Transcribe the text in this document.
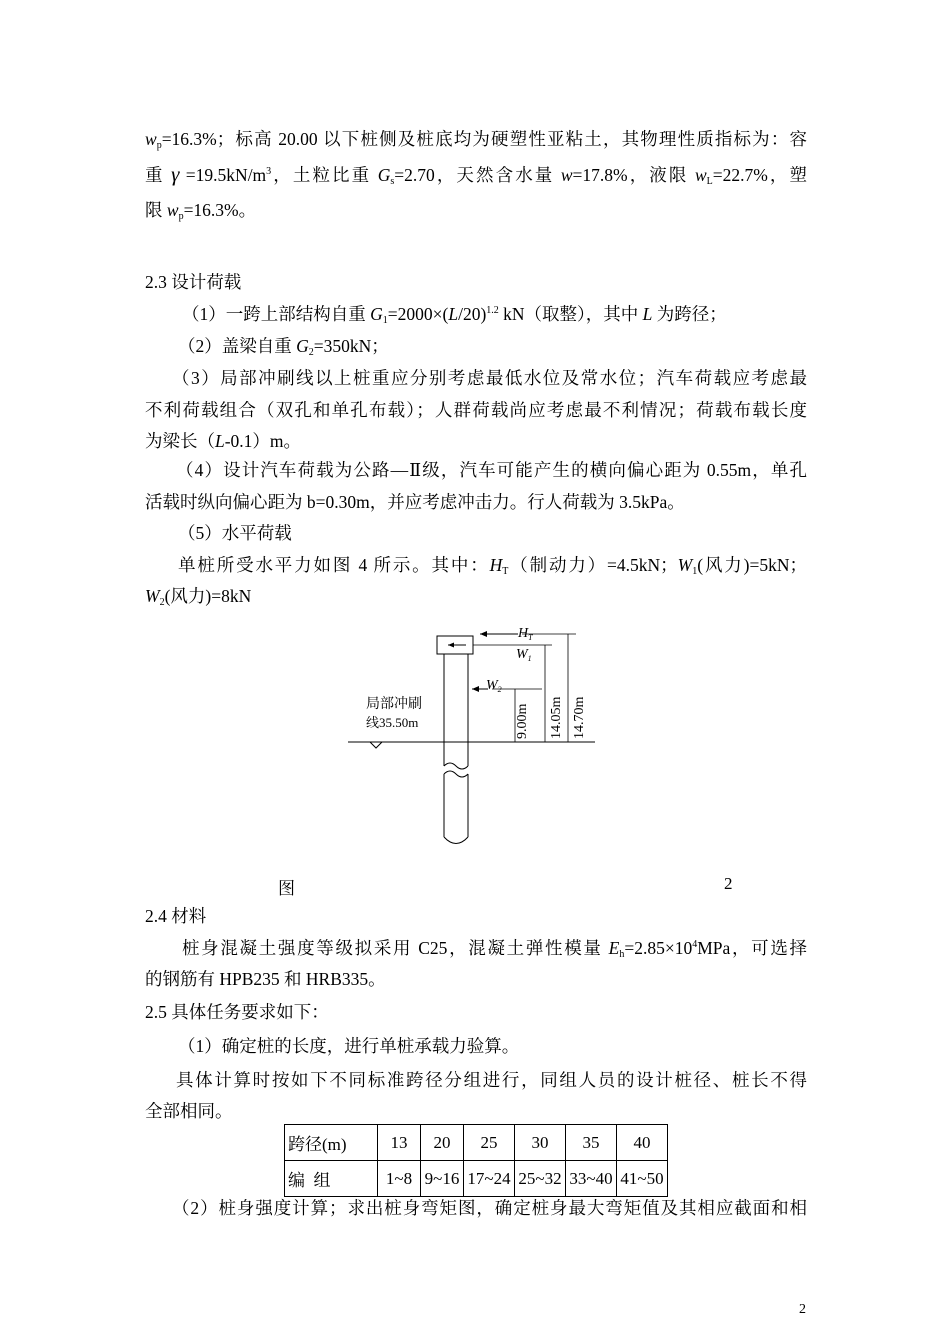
$w_p=16.3\%$；标高 20.00 以下桩侧及桩底均为硬塑性亚粘土，其物理性质指标为：容
重 $\gamma =19.5kN/m^3$，土粒比重 $G_s=2.70$，天然含水量 w=17.8%，液限 $w_L=22.7\%$，塑
限 $w_p=16.3\%$。
2.3 设计荷载
（1）一跨上部结构自重 $G_1=2000\times(L/20)^{1.2}$ kN（取整），其中 L 为跨径；
（2）盖梁自重 $G_2=350kN$；
（3）局部冲刷线以上桩重应分别考虑最低水位及常水位；汽车荷载应考虑最
不利荷载组合（双孔和单孔布载）；人群荷载尚应考虑最不利情况；荷载布载长度
为梁长（L-0.1）m。
（4）设计汽车荷载为公路—Ⅱ级，汽车可能产生的横向偏心距为 0.55m，单孔
活载时纵向偏心距为 b=0.30m，并应考虑冲击力。行人荷载为 3.5kPa。
（5）水平荷载
单桩所受水平力如图 4 所示。其中：$H_T$（制动力）=4.5kN；$W_1$(风力)=5kN；
$W_2$(风力)=8kN
$H_T$
$W_1$
$W_2$
局部冲刷
线35.50m	9.00m 14.05m 14.70m
图	2
2.4 材料
桩身混凝土强度等级拟采用 C25，混凝土弹性模量 $E_h=2.85\times 10^4MPa$，可选择
的钢筋有 HPB235 和 HRB335。
2.5 具体任务要求如下：
（1）确定桩的长度，进行单桩承载力验算。
具体计算时按如下不同标准跨径分组进行，同组人员的设计桩径、桩长不得
全部相同。
跨径(m)	13	20	25	30	35	40
编  组	1~8	9~16	17~24	25~32	33~40	41~50
（2）桩身强度计算；求出桩身弯矩图，确定桩身最大弯矩值及其相应截面和相
2
